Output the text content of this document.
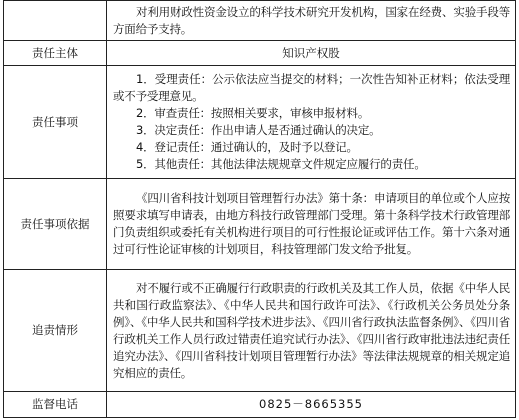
	对利用财政性资金设立的科学技术研究开发机构，国家在经费、实验手段等方面给予支持。

责任主体	知识产权股
责任事项	1．受理责任：公示依法应当提交的材料；一次性告知补正材料；依法受理或不予受理意见。

2．审查责任：按照相关要求，审核申报材料。

3．决定责任：作出申请人是否通过确认的决定。

4．登记责任：通过确认的，及时予以登记。

5．其他责任：其他法律法规规章文件规定应履行的责任。

责任事项依据	《四川省科技计划项目管理暂行办法》第十条：申请项目的单位或个人应按照要求填写申请表，由地方科技行政管理部门受理。第十条科学技术行政管理部门负责组织或委托有关机构进行项目的可行性报论证或评估工作。第十六条对通过可行性论证审核的计划项目，科技管理部门发文给予批复。

追责情形	对不履行或不正确履行行政职责的行政机关及其工作人员，依据《中华人民共和国行政监察法》、《中华人民共和国行政许可法》、《行政机关公务员处分条例》、《中华人民共和国科学技术进步法》、《四川省行政执法监督条例》、《四川省行政机关工作人员行政过错责任追究试行办法》、《四川省行政审批违法违纪责任追究办法》、《四川省科技计划项目管理暂行办法》等法律法规规章的相关规定追究相应的责任。

监督电话	0825－8665355
